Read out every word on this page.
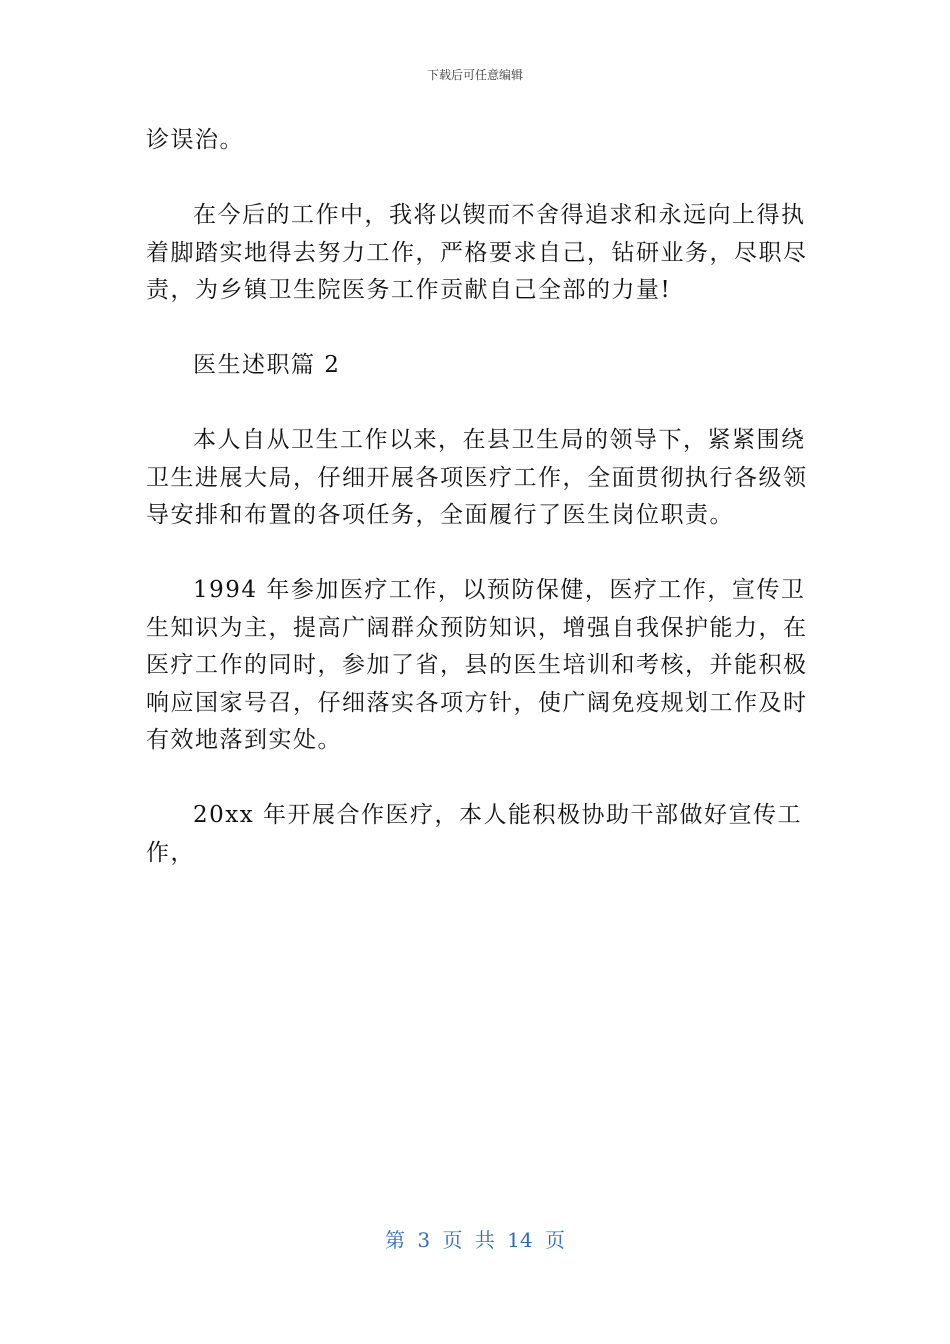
下载后可任意编辑

诊误治。

在今后的工作中，我将以锲而不舍得追求和永远向上得执着脚踏实地得去努力工作，严格要求自己，钻研业务，尽职尽责，为乡镇卫生院医务工作贡献自己全部的力量!

医生述职篇 2

本人自从卫生工作以来，在县卫生局的领导下，紧紧围绕卫生进展大局，仔细开展各项医疗工作，全面贯彻执行各级领导安排和布置的各项任务，全面履行了医生岗位职责。

1994 年参加医疗工作，以预防保健，医疗工作，宣传卫生知识为主，提高广阔群众预防知识，增强自我保护能力，在医疗工作的同时，参加了省，县的医生培训和考核，并能积极响应国家号召，仔细落实各项方针，使广阔免疫规划工作及时有效地落到实处。

20xx 年开展合作医疗，本人能积极协助干部做好宣传工作，

第 3 页 共 14 页
